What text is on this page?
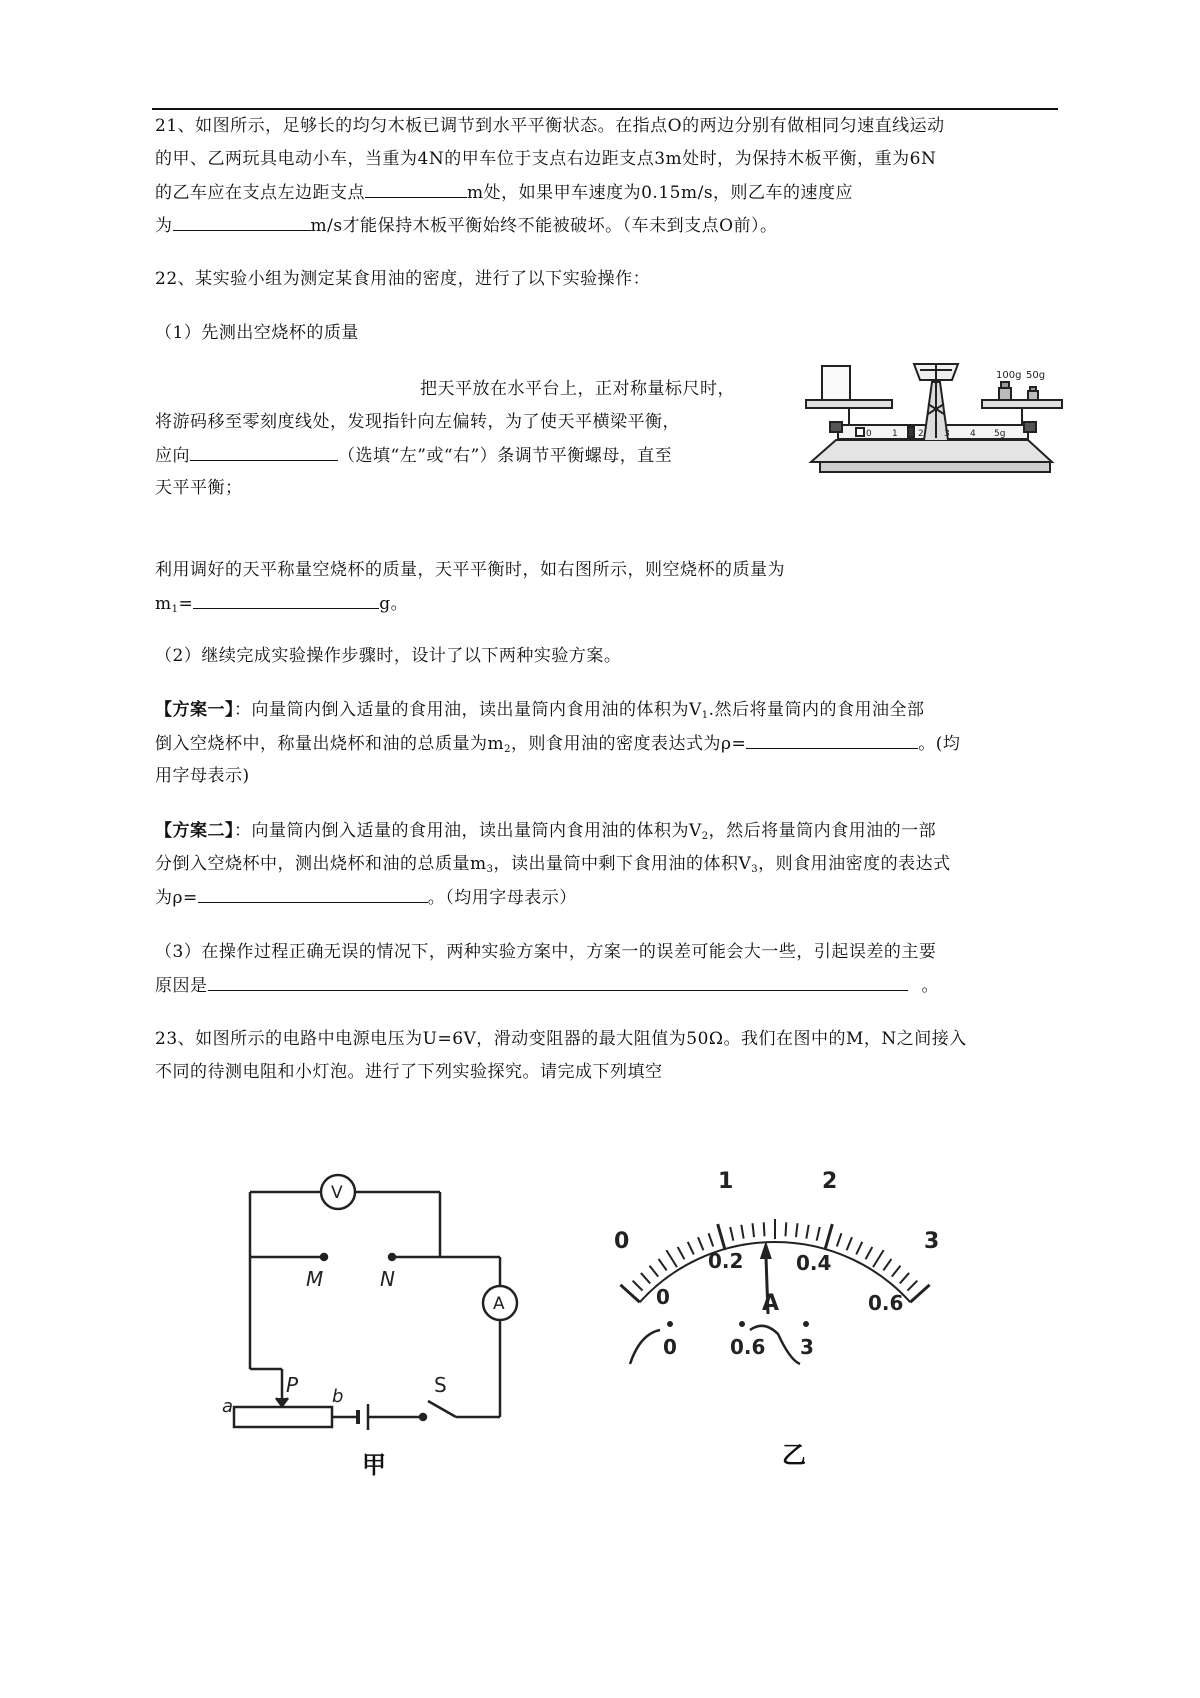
21、如图所示，足够长的均匀木板已调节到水平平衡状态。在指点O的两边分别有做相同匀速直线运动
的甲、乙两玩具电动小车，当重为4N的甲车位于支点右边距支点3m处时，为保持木板平衡，重为6N
的乙车应在支点左边距支点	m处，如果甲车速度为0.15m/s，则乙车的速度应
为	m/s才能保持木板平衡始终不能被破坏。（车未到支点O前）。
22、某实验小组为测定某食用油的密度，进行了以下实验操作：
（1）先测出空烧杯的质量
把天平放在水平台上，正对称量标尺时，
将游码移至零刻度线处，发现指针向左偏转，为了使天平横梁平衡，
应向	（选填“左”或“右”）条调节平衡螺母，直至
天平平衡；
100g 50g
0 1 2 3 4 5g
利用调好的天平称量空烧杯的质量，天平平衡时，如右图所示，则空烧杯的质量为
$m_1=$	g。
（2）继续完成实验操作步骤时，设计了以下两种实验方案。
【方案一】：向量筒内倒入适量的食用油，读出量筒内食用油的体积为$V_1$.然后将量筒内的食用油全部
倒入空烧杯中，称量出烧杯和油的总质量为$m_2$，则食用油的密度表达式为ρ=	。(均
用字母表示)
【方案二】：向量筒内倒入适量的食用油，读出量筒内食用油的体积为$V_2$，然后将量筒内食用油的一部
分倒入空烧杯中，测出烧杯和油的总质量$m_3$，读出量筒中剩下食用油的体积$V_3$，则食用油密度的表达式
为ρ=	。（均用字母表示）
（3）在操作过程正确无误的情况下，两种实验方案中，方案一的误差可能会大一些，引起误差的主要
原因是	。
23、如图所示的电路中电源电压为U=6V，滑动变阻器的最大阻值为50Ω。我们在图中的M，N之间接入
不同的待测电阻和小灯泡。进行了下列实验探究。请完成下列填空
V
A
M	N
P
a	b	S
甲
0
1	2
3
0
0.2	0.4
0.6
A
0	0.6 3
乙
